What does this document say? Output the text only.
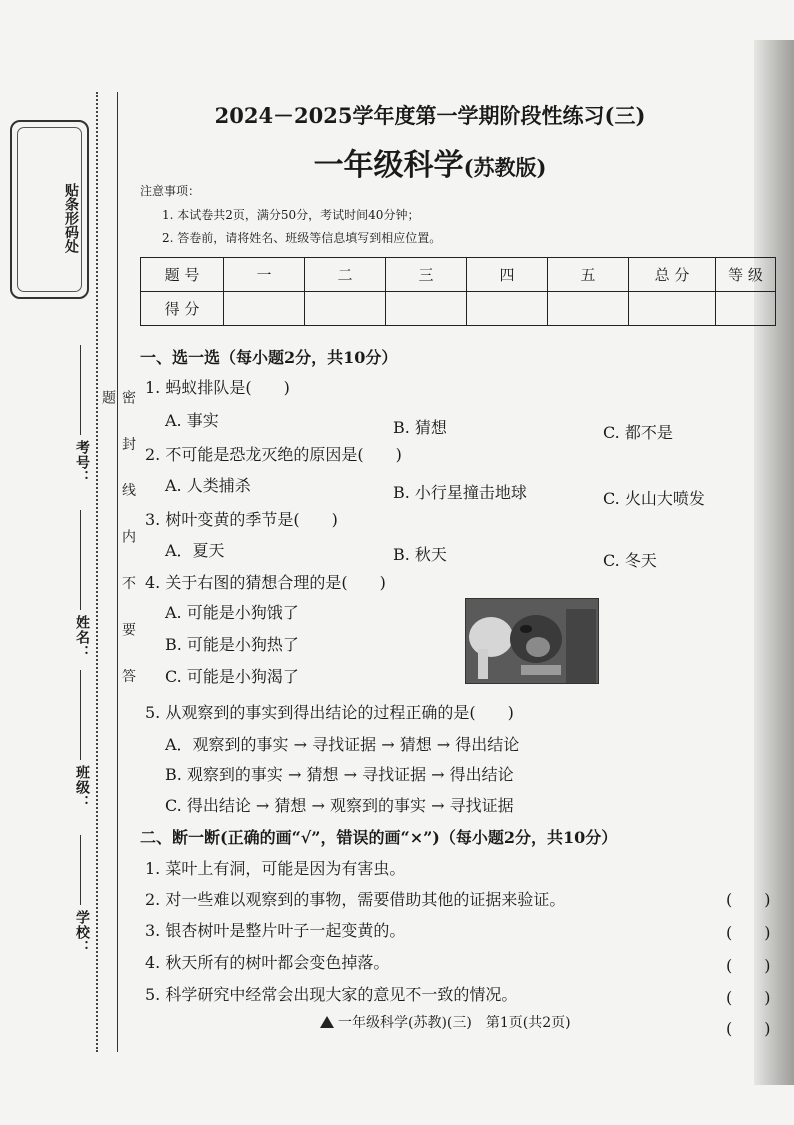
贴条形码处
考号：
姓名：
班级：
学校：
密 封 线 内 不 要 答 题
2024－2025学年度第一学期阶段性练习(三)
一年级科学(苏教版)
注意事项：
1. 本试卷共2页，满分50分，考试时间40分钟；
2. 答卷前，请将姓名、班级等信息填写到相应位置。
题 号	一	二	三	四	五	总 分	等 级
得 分							
一、选一选（每小题2分，共10分）
1. 蚂蚁排队是(　　)
A. 事实	B. 猜想	C. 都不是
2. 不可能是恐龙灭绝的原因是(　　)
A. 人类捕杀	B. 小行星撞击地球	C. 火山大喷发
3. 树叶变黄的季节是(　　)
A．夏天	B. 秋天	C. 冬天
4. 关于右图的猜想合理的是(　　)
A. 可能是小狗饿了
B. 可能是小狗热了
C. 可能是小狗渴了
5. 从观察到的事实到得出结论的过程正确的是(　　)
A．观察到的事实 → 寻找证据 → 猜想 → 得出结论
B. 观察到的事实 → 猜想 → 寻找证据 → 得出结论
C. 得出结论 → 猜想 → 观察到的事实 → 寻找证据
二、断一断(正确的画“√”，错误的画“×”)（每小题2分，共10分）
1. 菜叶上有洞，可能是因为有害虫。
2. 对一些难以观察到的事物，需要借助其他的证据来验证。
3. 银杏树叶是整片叶子一起变黄的。
4. 秋天所有的树叶都会变色掉落。
5. 科学研究中经常会出现大家的意见不一致的情况。
(　　)
(　　)
(　　)
(　　)
(　　)
一年级科学(苏教)(三)　第1页(共2页)
